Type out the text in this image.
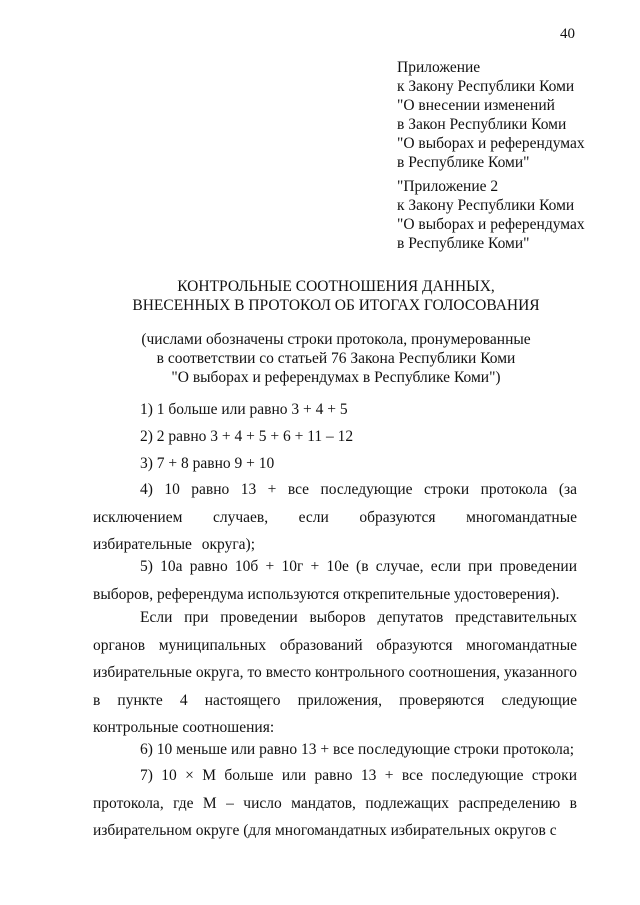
40
Приложение
к Закону Республики Коми
"О внесении изменений
в Закон Республики Коми
"О выборах и референдумах
в Республике Коми"
"Приложение 2
к Закону Республики Коми
"О выборах и референдумах
в Республике Коми"
КОНТРОЛЬНЫЕ СООТНОШЕНИЯ ДАННЫХ,
ВНЕСЕННЫХ В ПРОТОКОЛ ОБ ИТОГАХ ГОЛОСОВАНИЯ
(числами обозначены строки протокола, пронумерованные
в соответствии со статьей 76 Закона Республики Коми
"О выборах и референдумах в Республике Коми")

1) 1 больше или равно 3 + 4 + 5

2) 2 равно 3 + 4 + 5 + 6 + 11 – 12

3) 7 + 8 равно 9 + 10

4) 10 равно 13 + все последующие строки протокола (за исключением случаев, если образуются многомандатные избирательные округа);

5) 10а равно 10б + 10г + 10е (в случае, если при проведении выборов, референдума используются открепительные удостоверения).

Если при проведении выборов депутатов представительных органов муниципальных образований образуются многомандатные избирательные округа, то вместо контрольного соотношения, указанного в пункте 4 настоящего приложения, проверяются следующие контрольные соотношения:

6) 10 меньше или равно 13 + все последующие строки протокола;

7) 10 × М больше или равно 13 + все последующие строки протокола, где М – число мандатов, подлежащих распределению в избирательном округе (для многомандатных избирательных округов с
